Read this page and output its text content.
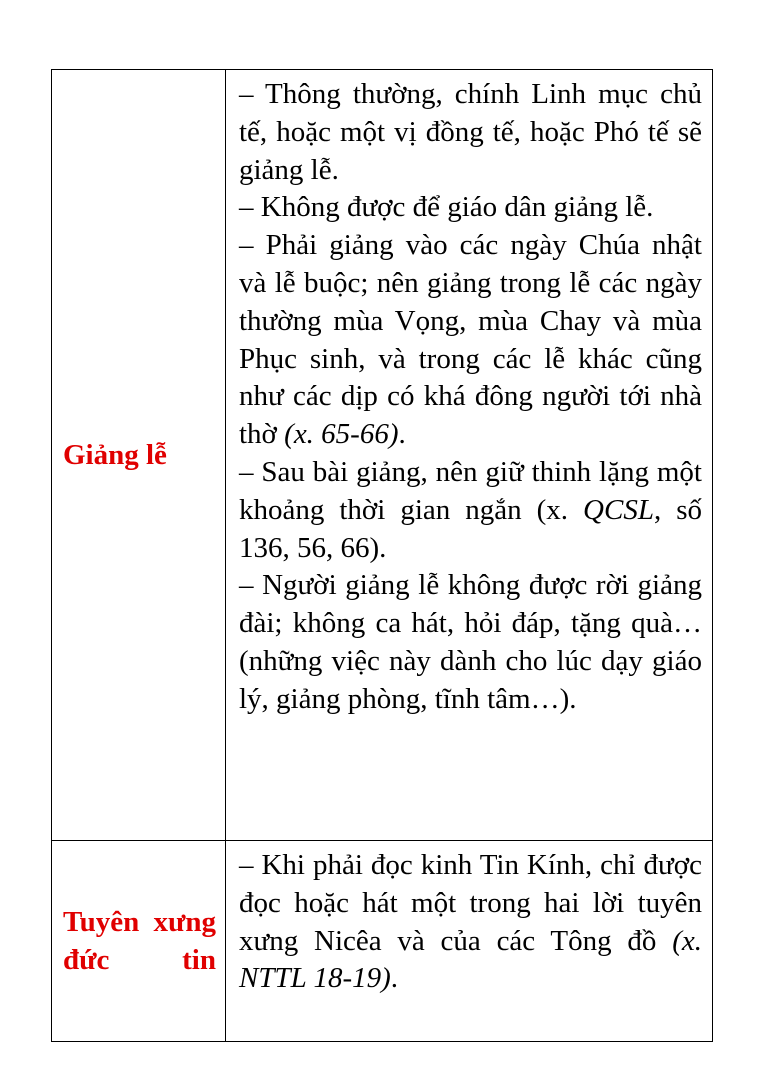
Giảng lễ	– Thông thường, chính Linh mục chủ tế, hoặc một vị đồng tế, hoặc Phó tế sẽ giảng lễ.

– Không được để giáo dân giảng lễ.

– Phải giảng vào các ngày Chúa nhật và lễ buộc; nên giảng trong lễ các ngày thường mùa Vọng, mùa Chay và mùa Phục sinh, và trong các lễ khác cũng như các dịp có khá đông người tới nhà thờ (x. 65-66).

– Sau bài giảng, nên giữ thinh lặng một khoảng thời gian ngắn (x. QCSL, số 136, 56, 66).

– Người giảng lễ không được rời giảng đài; không ca hát, hỏi đáp, tặng quà… (những việc này dành cho lúc dạy giáo lý, giảng phòng, tĩnh tâm…).

Tuyên xưng đức tin	– Khi phải đọc kinh Tin Kính, chỉ được đọc hoặc hát một trong hai lời tuyên xưng Nicêa và của các Tông đồ (x. NTTL 18-19).
